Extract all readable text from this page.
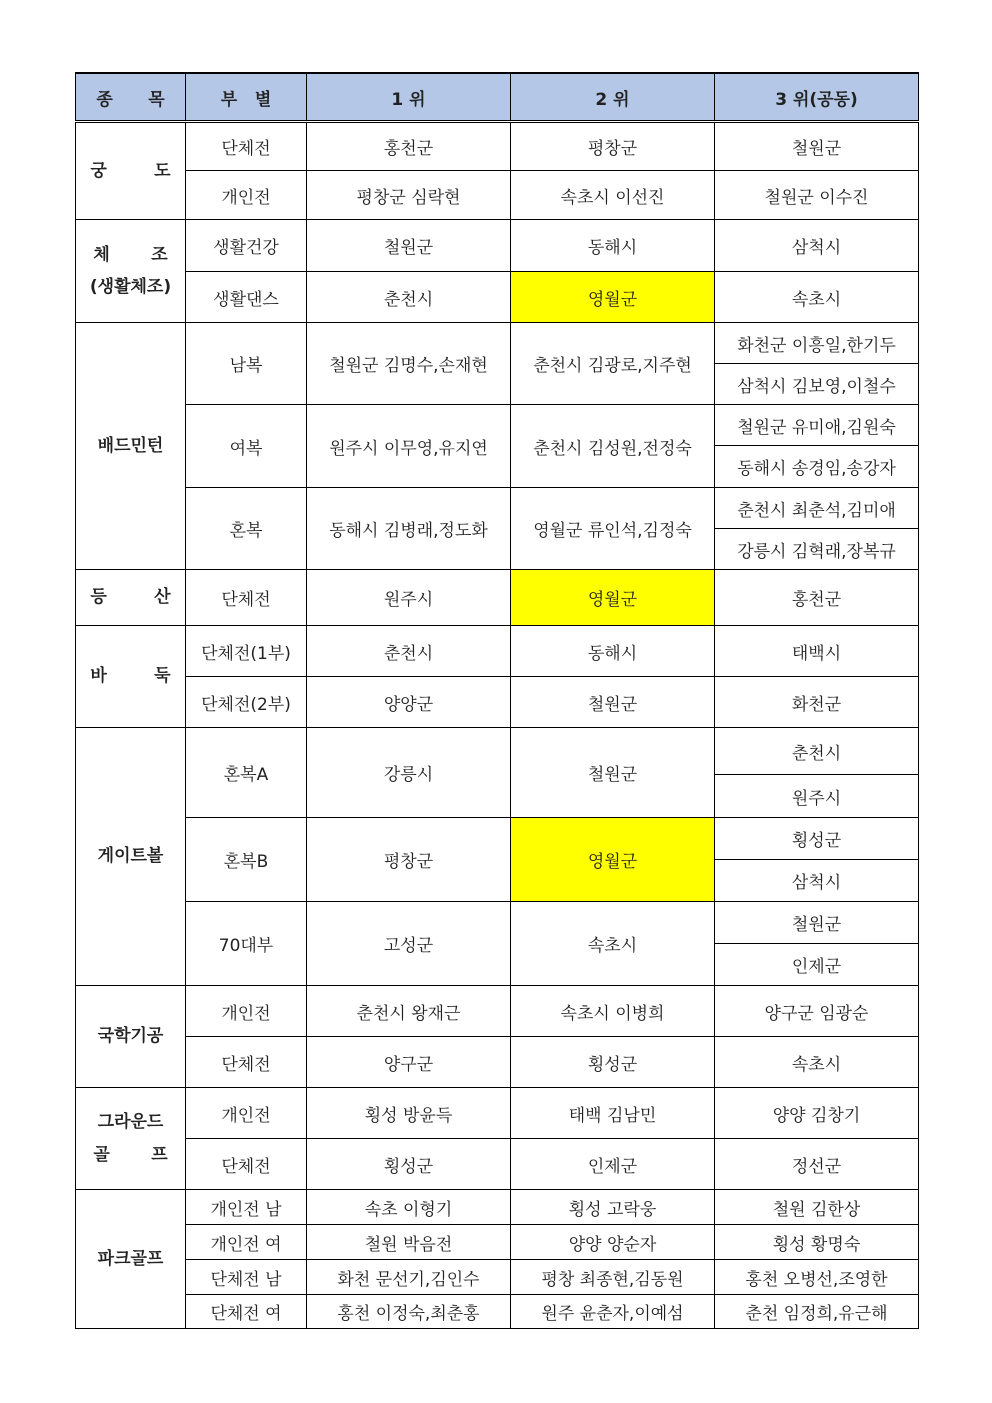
종      목	부   별	1 위	2 위	3 위(공동)
궁        도	단체전	홍천군	평창군	철원군
	개인전	평창군 심락현	속초시 이선진	철원군 이수진
체       조
(생활체조)	생활건강	철원군	동해시	삼척시
	생활댄스	춘천시	영월군	속초시
배드민턴	남복	철원군 김명수,손재현	춘천시 김광로,지주현	화천군 이흥일,한기두
				삼척시 김보영,이철수
	여복	원주시 이무영,유지연	춘천시 김성원,전정숙	철원군 유미애,김원숙
				동해시 송경임,송강자
	혼복	동해시 김병래,정도화	영월군 류인석,김정숙	춘천시 최춘석,김미애
				강릉시 김혁래,장복규
등        산	단체전	원주시	영월군	홍천군
바        둑	단체전(1부)	춘천시	동해시	태백시
	단체전(2부)	양양군	철원군	화천군
게이트볼	혼복A	강릉시	철원군	춘천시
				원주시
	혼복B	평창군	영월군	횡성군
				삼척시
	70대부	고성군	속초시	철원군
				인제군
국학기공	개인전	춘천시 왕재근	속초시 이병희	양구군 임광순
	단체전	양구군	횡성군	속초시
그라운드
골       프	개인전	횡성 방윤득	태백 김남민	양양 김창기
	단체전	횡성군	인제군	정선군
파크골프	개인전 남	속초 이형기	횡성 고락웅	철원 김한상
	개인전 여	철원 박음전	양양 양순자	횡성 황명숙
	단체전 남	화천 문선기,김인수	평창 최종현,김동원	홍천 오병선,조영한
	단체전 여	홍천 이정숙,최춘홍	원주 윤춘자,이예섬	춘천 임정희,유근해
